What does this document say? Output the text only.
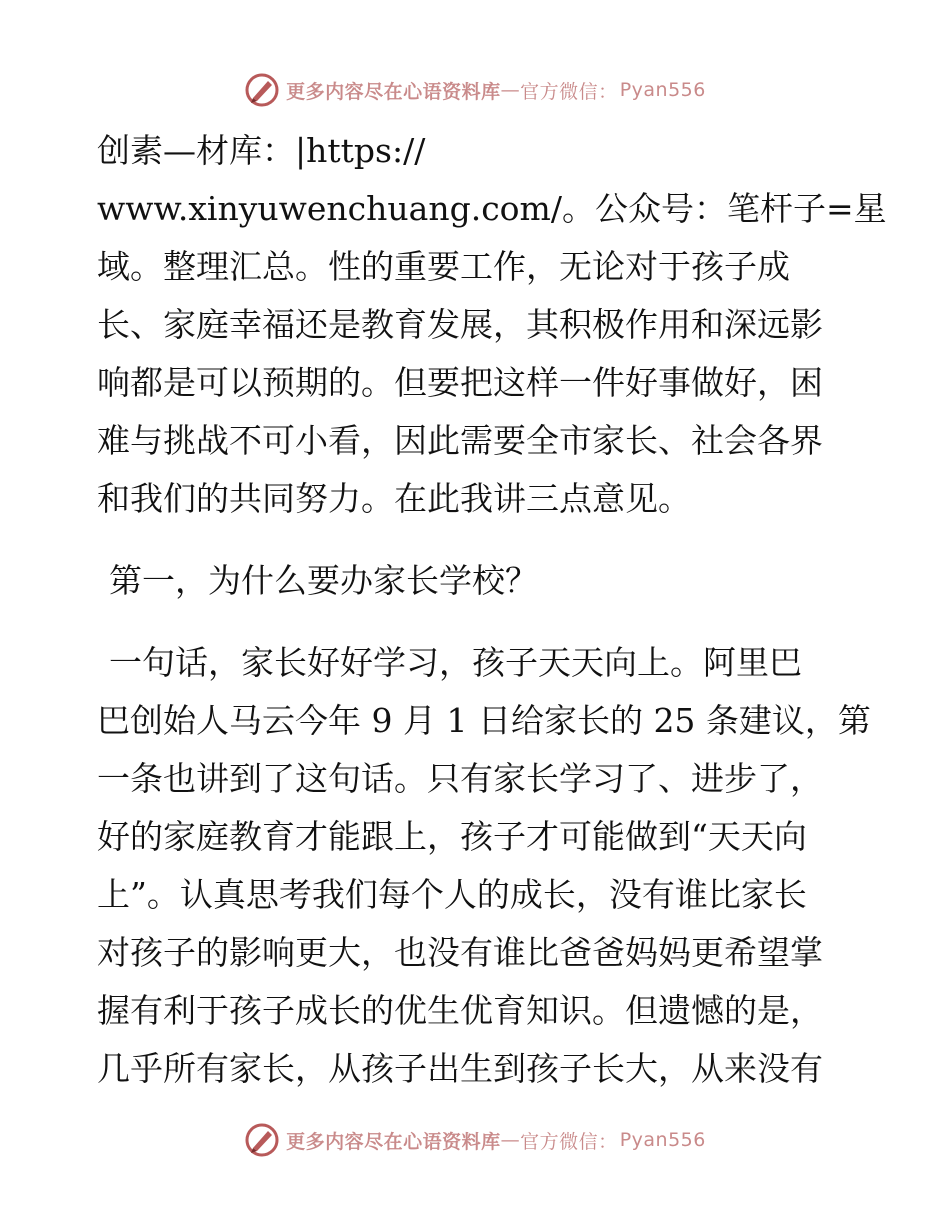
更多内容尽在心语资料库 — 官方微信： Pyan556
创素—材库：|https://
www.xinyuwenchuang.com/。公众号：笔杆子=星
域。整理汇总。性的重要工作，无论对于孩子成
长、家庭幸福还是教育发展，其积极作用和深远影
响都是可以预期的。但要把这样一件好事做好，困
难与挑战不可小看，因此需要全市家长、社会各界
和我们的共同努力。在此我讲三点意见。
第一，为什么要办家长学校？
一句话，家长好好学习，孩子天天向上。阿里巴
巴创始人马云今年 9 月 1 日给家长的 25 条建议，第
一条也讲到了这句话。只有家长学习了、进步了，
好的家庭教育才能跟上，孩子才可能做到“天天向
上”。认真思考我们每个人的成长，没有谁比家长
对孩子的影响更大，也没有谁比爸爸妈妈更希望掌
握有利于孩子成长的优生优育知识。但遗憾的是，
几乎所有家长，从孩子出生到孩子长大，从来没有
更多内容尽在心语资料库 — 官方微信： Pyan556
